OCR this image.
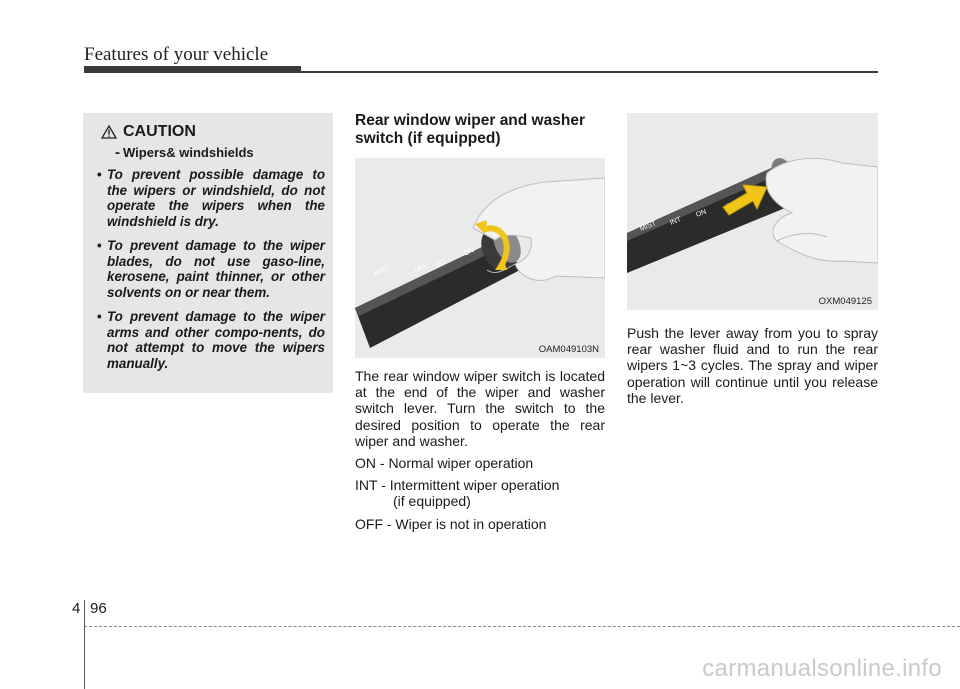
Features of your vehicle
CAUTION
- Wipers& windshields
• To prevent possible damage to the wipers or windshield, do not operate the wipers when the windshield is dry.
• To prevent damage to the wiper blades, do not use gaso-line, kerosene, paint thinner, or other solvents on or near them.
• To prevent damage to the wiper arms and other compo-nents, do not attempt to move the wipers manually.
Rear window wiper and washer switch (if equipped)
MIST	OFF INT
ON
OAM049103N

The rear window wiper switch is located at the end of the wiper and washer switch lever. Turn the switch to the desired position to operate the rear wiper and washer.

ON - Normal wiper operation

INT - Intermittent wiper operation
(if equipped)

OFF - Wiper is not in operation

MIST INT
ON
OXM049125

Push the lever away from you to spray rear washer fluid and to run the rear wipers 1~3 cycles. The spray and wiper operation will continue until you release the lever.

4 96
carmanualsonline.info
